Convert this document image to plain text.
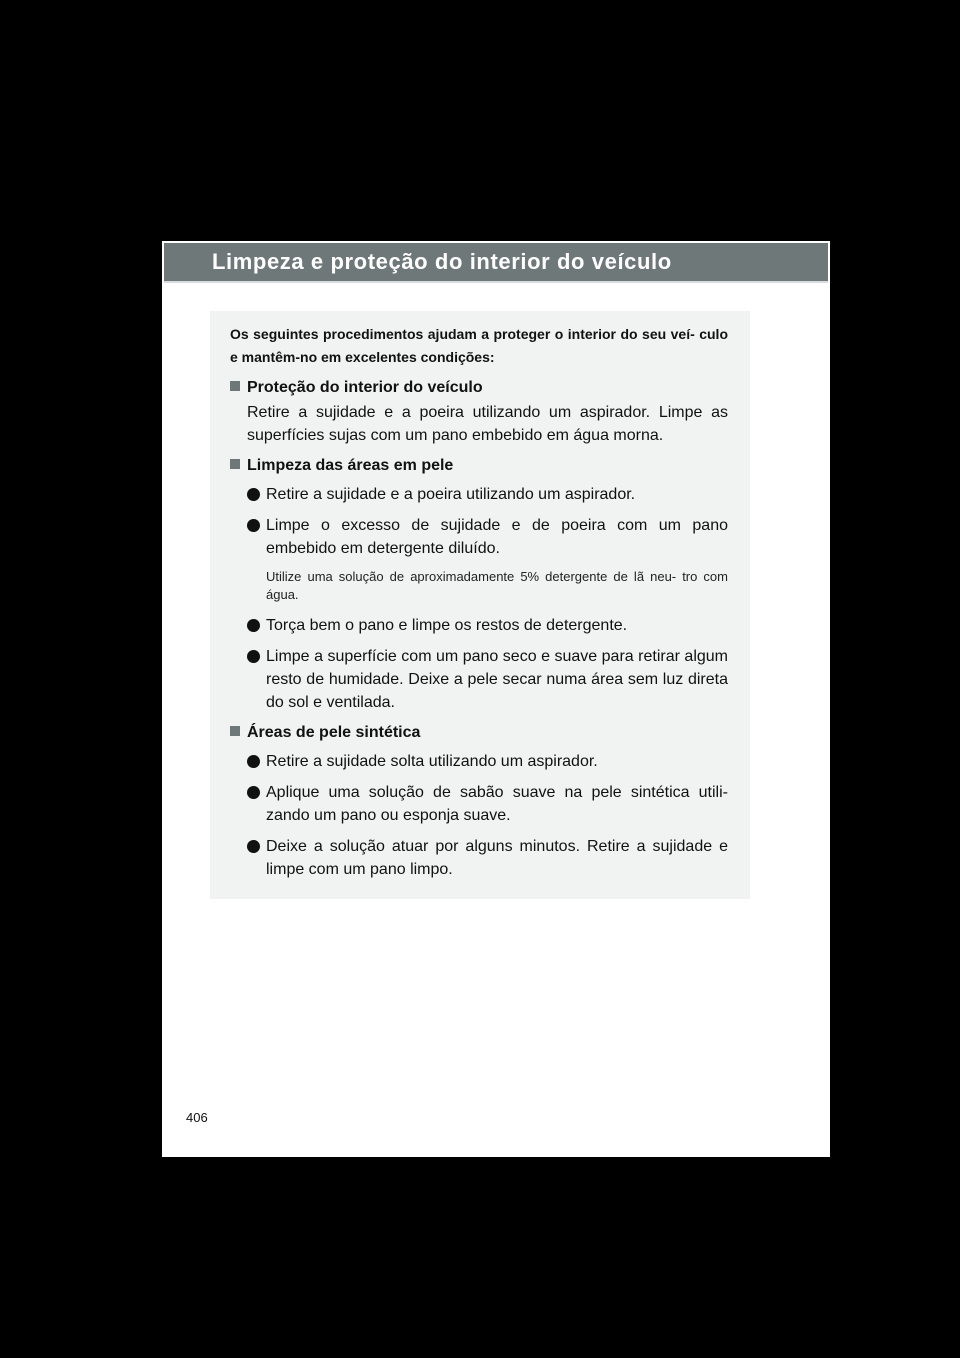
Limpeza e proteção do interior do veículo

Os seguintes procedimentos ajudam a proteger o interior do seu veí- culo e mantêm-no em excelentes condições:

Proteção do interior do veículo

Retire a sujidade e a poeira utilizando um aspirador. Limpe as superfícies sujas com um pano embebido em água morna.

Limpeza das áreas em pele
Retire a sujidade e a poeira utilizando um aspirador.
Limpe o excesso de sujidade e de poeira com um pano embebido em detergente diluído.

Utilize uma solução de aproximadamente 5% detergente de lã neu- tro com água.

Torça bem o pano e limpe os restos de detergente.
Limpe a superfície com um pano seco e suave para retirar algum resto de humidade. Deixe a pele secar numa área sem luz direta do sol e ventilada.
Áreas de pele sintética
Retire a sujidade solta utilizando um aspirador.
Aplique uma solução de sabão suave na pele sintética utili- zando um pano ou esponja suave.
Deixe a solução atuar por alguns minutos. Retire a sujidade e limpe com um pano limpo.
406
